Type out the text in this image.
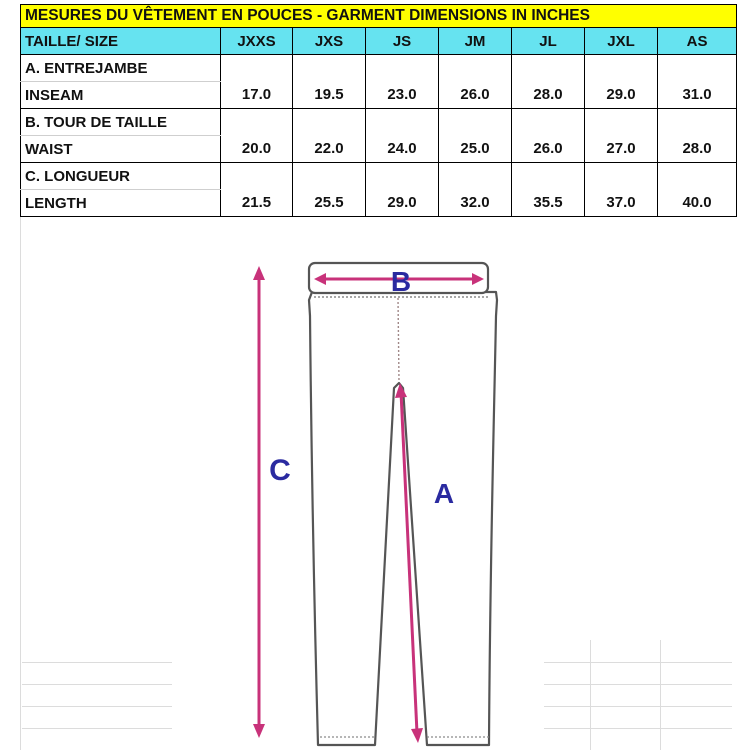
MESURES DU VÊTEMENT EN POUCES - GARMENT DIMENSIONS IN INCHES							
TAILLE/ SIZE	JXXS	JXS	JS	JM	JL	JXL	AS
A. ENTREJAMBE							
INSEAM	17.0	19.5	23.0	26.0	28.0	29.0	31.0
B. TOUR DE TAILLE							
WAIST	20.0	22.0	24.0	25.0	26.0	27.0	28.0
C. LONGUEUR							
LENGTH	21.5	25.5	29.0	32.0	35.5	37.0	40.0
B
C
A
